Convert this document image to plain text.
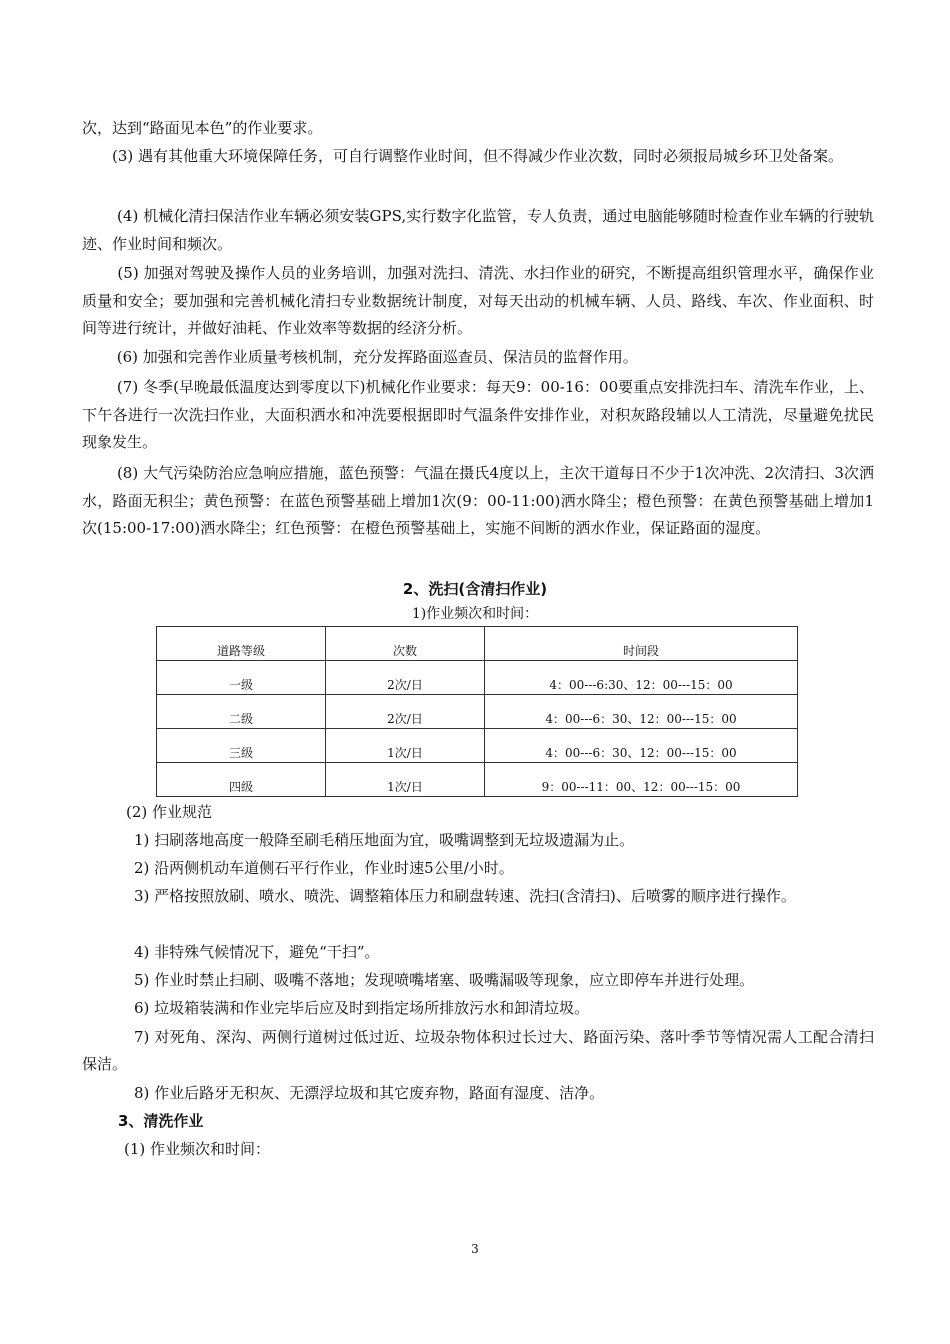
次，达到“路面见本色”的作业要求。

　　(3) 遇有其他重大环境保障任务，可自行调整作业时间，但不得减少作业次数，同时必须报局城乡环卫处备案。

　　 (4) 机械化清扫保洁作业车辆必须安装GPS,实行数字化监管，专人负责，通过电脑能够随时检查作业车辆的行驶轨迹、作业时间和频次。

　　 (5) 加强对驾驶及操作人员的业务培训，加强对洗扫、清洗、水扫作业的研究，不断提高组织管理水平，确保作业质量和安全；要加强和完善机械化清扫专业数据统计制度，对每天出动的机械车辆、人员、路线、车次、作业面积、时间等进行统计，并做好油耗、作业效率等数据的经济分析。

　　 (6) 加强和完善作业质量考核机制，充分发挥路面巡查员、保洁员的监督作用。

　　 (7) 冬季(早晚最低温度达到零度以下)机械化作业要求：每天9：00-16：00要重点安排洗扫车、清洗车作业，上、下午各进行一次洗扫作业，大面积洒水和冲洗要根据即时气温条件安排作业，对积灰路段辅以人工清洗，尽量避免扰民现象发生。

　　 (8) 大气污染防治应急响应措施，蓝色预警：气温在摄氏4度以上，主次干道每日不少于1次冲洗、2次清扫、3次洒水，路面无积尘；黄色预警：在蓝色预警基础上增加1次(9：00-11:00)洒水降尘；橙色预警：在黄色预警基础上增加1次(15:00-17:00)洒水降尘；红色预警：在橙色预警基础上，实施不间断的洒水作业，保证路面的湿度。

2、洗扫(含清扫作业)
1)作业频次和时间：
道路等级	次数	时间段
一级	2次/日	4：00---6:30、12：00---15：00
二级	2次/日	4：00---6：30、12：00---15：00
三级	1次/日	4：00---6：30、12：00---15：00
四级	1次/日	9：00---11：00、12：00---15：00

(2) 作业规范

1) 扫刷落地高度一般降至刷毛稍压地面为宜，吸嘴调整到无垃圾遗漏为止。

2) 沿两侧机动车道侧石平行作业，作业时速5公里/小时。

3) 严格按照放刷、喷水、喷洗、调整箱体压力和刷盘转速、洗扫(含清扫)、后喷雾的顺序进行操作。

4) 非特殊气候情况下，避免“干扫”。

5) 作业时禁止扫刷、吸嘴不落地；发现喷嘴堵塞、吸嘴漏吸等现象，应立即停车并进行处理。

6) 垃圾箱装满和作业完毕后应及时到指定场所排放污水和卸清垃圾。

7) 对死角、深沟、两侧行道树过低过近、垃圾杂物体积过长过大、路面污染、落叶季节等情况需人工配合清扫保洁。

8) 作业后路牙无积灰、无漂浮垃圾和其它废弃物，路面有湿度、洁净。

3、清洗作业

(1) 作业频次和时间：

3
